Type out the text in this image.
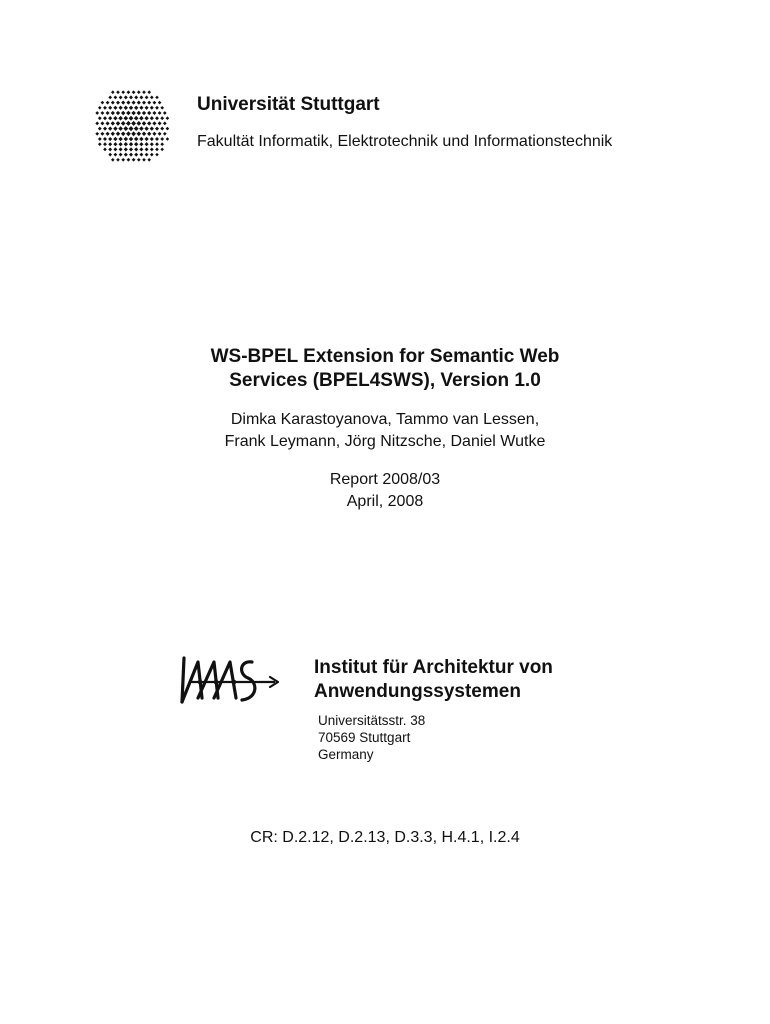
Universität Stuttgart
Fakultät Informatik, Elektrotechnik und Informationstechnik
WS-BPEL Extension for Semantic Web
Services (BPEL4SWS), Version 1.0
Dimka Karastoyanova, Tammo van Lessen,
Frank Leymann, Jörg Nitzsche, Daniel Wutke
Report 2008/03
April, 2008
Institut für Architektur von
Anwendungssystemen
Universitätsstr. 38
70569 Stuttgart
Germany
CR: D.2.12, D.2.13, D.3.3, H.4.1, I.2.4
